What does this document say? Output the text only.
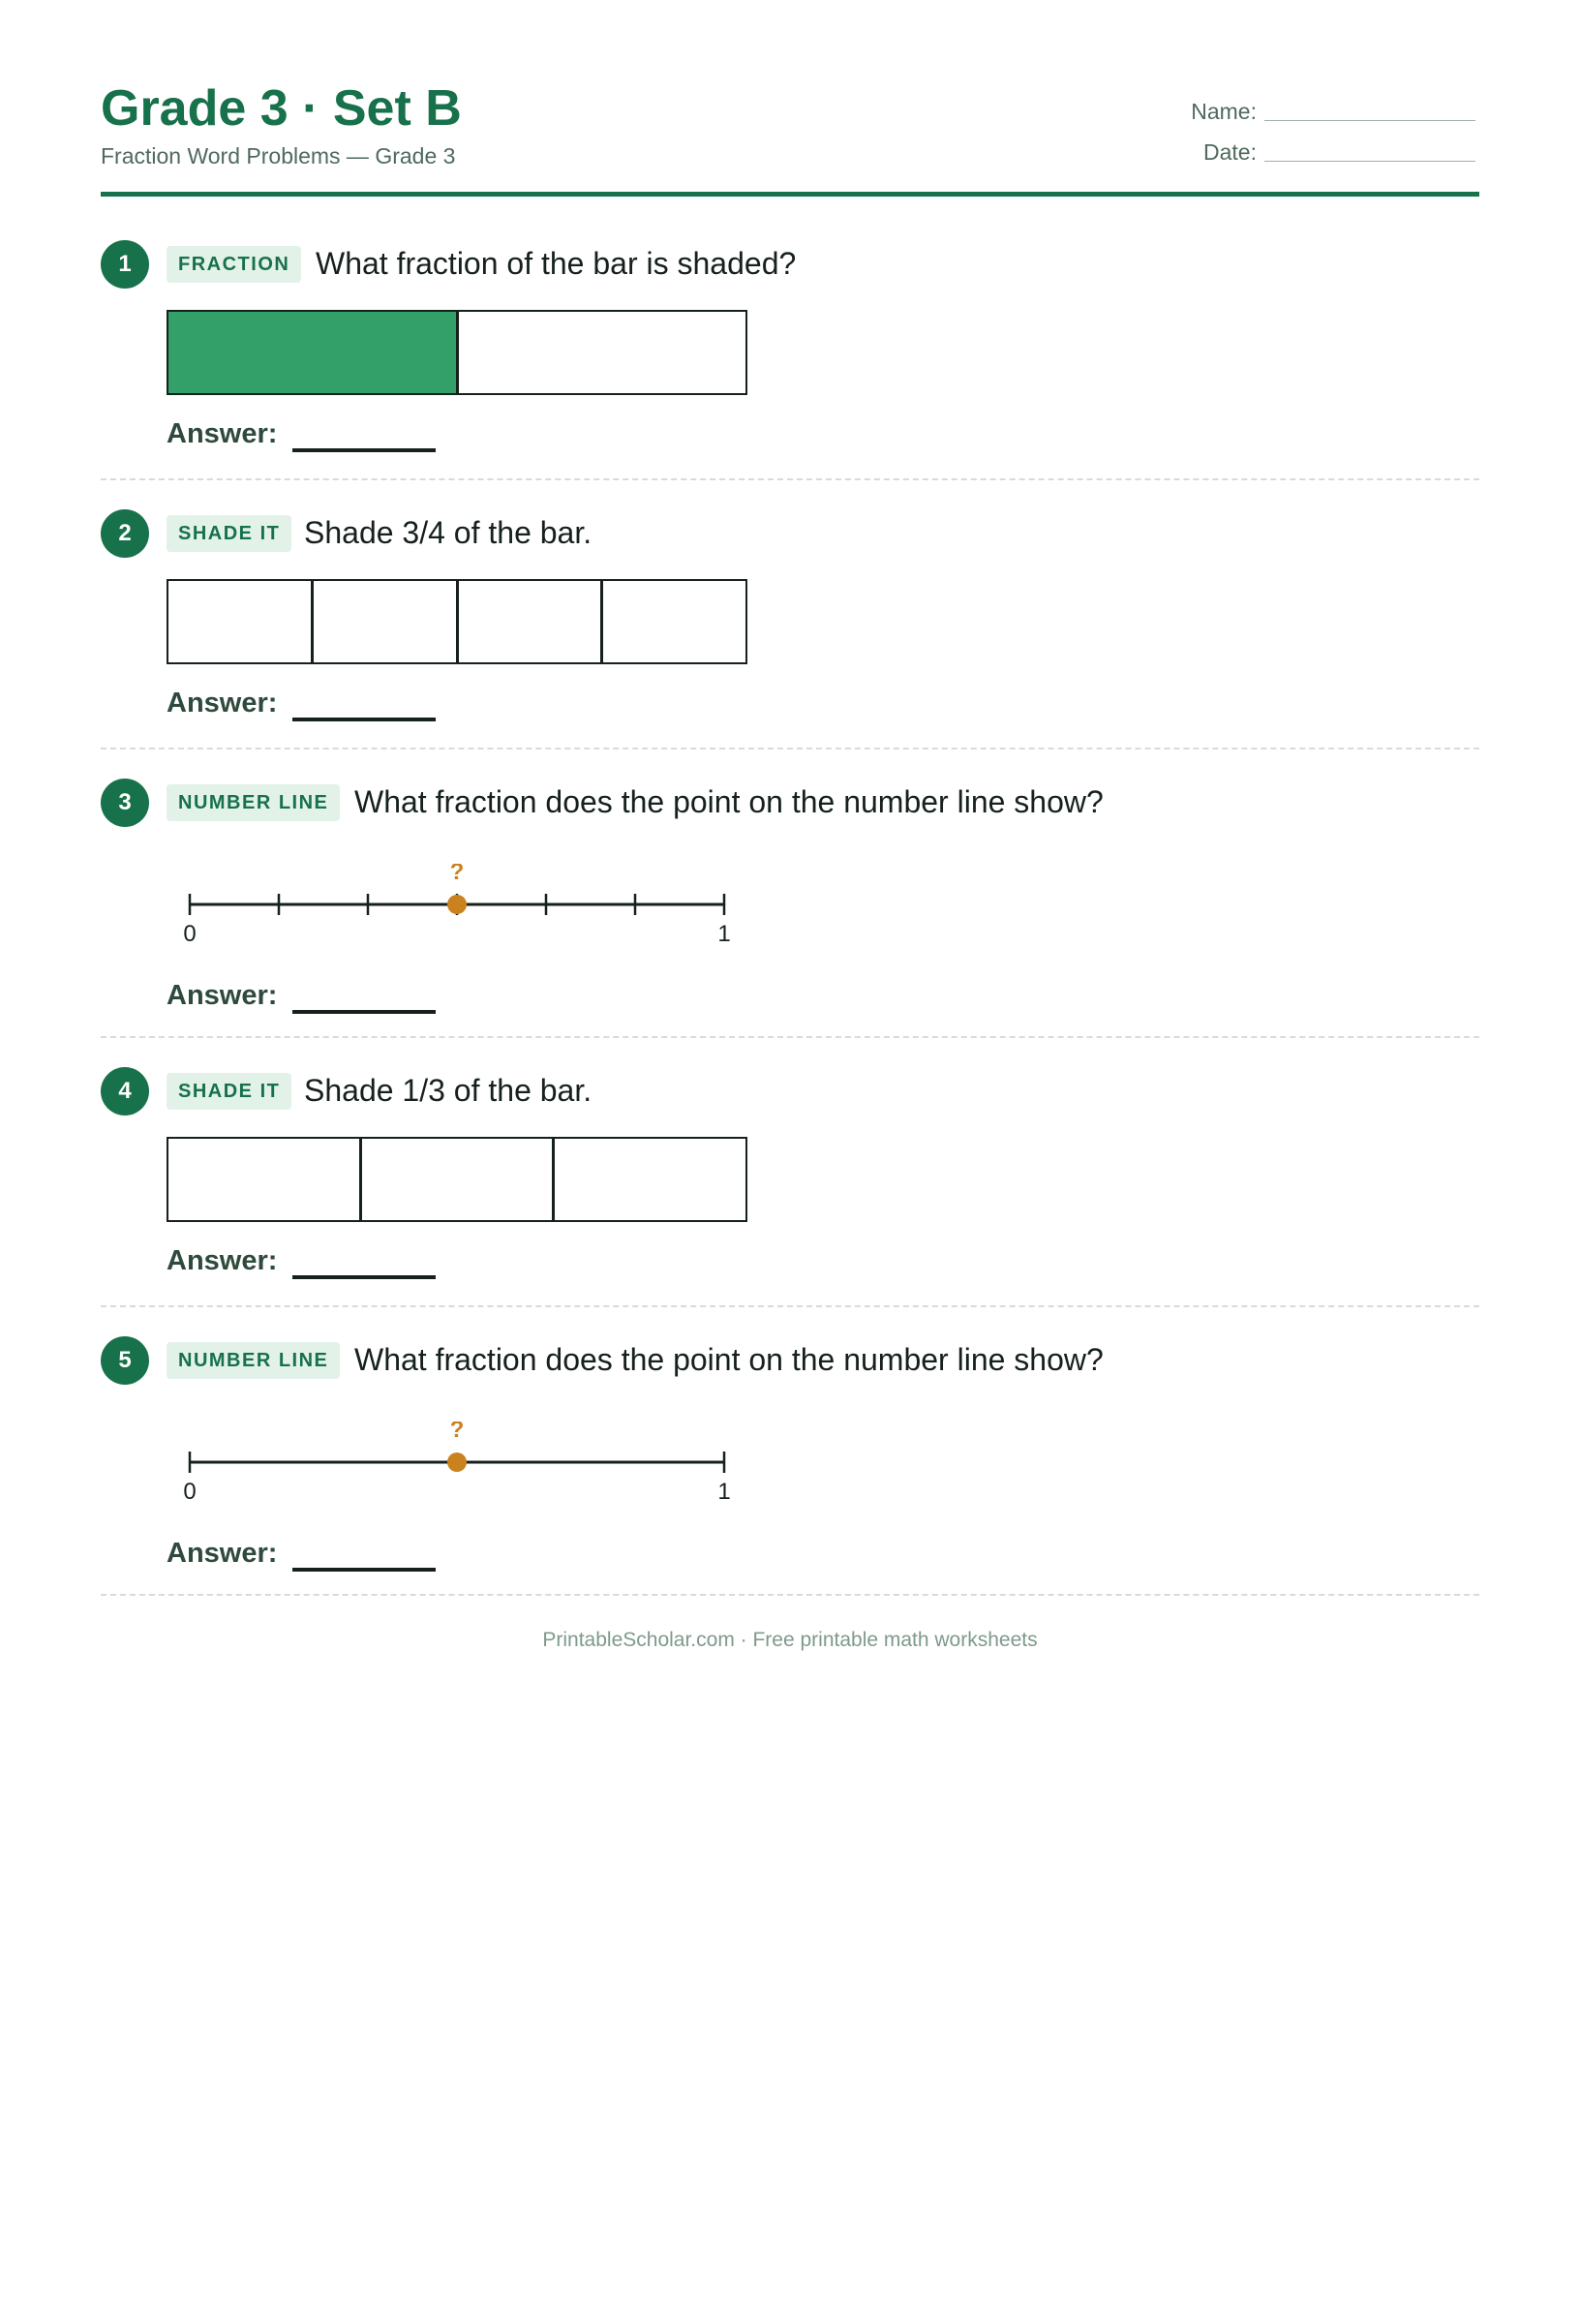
Grade 3 · Set B
Fraction Word Problems — Grade 3
Name:
Date:
1	FRACTION What fraction of the bar is shaded?
Answer:
2	SHADE IT Shade 3/4 of the bar.
Answer:
3	NUMBER LINE What fraction does the point on the number line show?
0	1
?
Answer:
4	SHADE IT Shade 1/3 of the bar.
Answer:
5	NUMBER LINE What fraction does the point on the number line show?
0	1
?
Answer:
PrintableScholar.com · Free printable math worksheets
